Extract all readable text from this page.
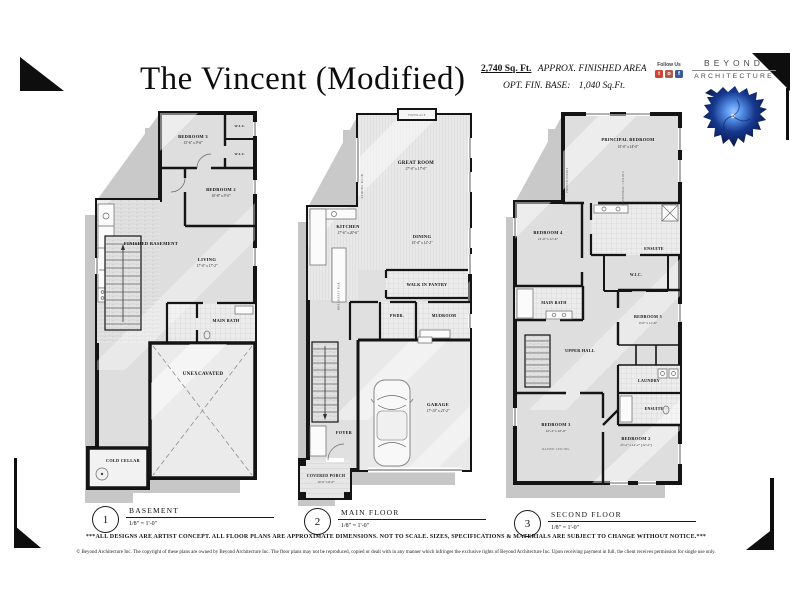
The Vincent (Modified) 2,740 Sq. Ft. APPROX. FINISHED AREA
OPT. FIN. BASE: 1,040 Sq.Ft.
Follow Us
t	o	f
BEYOND
ARCHITECTURE
BEDROOM 3
15'-6" x 9'-6"
W.I.C.
W.I.C.
BEDROOM 2
10'-8" x 9'-0"
FINISHED BASEMENT
LIVING
17'-0" x 17'-2"
MAIN BATH
UNEXCAVATED
COLD CELLAR
FIREPLACE
GREAT ROOM
17'-0" x 17'-0"
SLIDING DOOR
KITCHEN
17'-6" x 20'-6"
DINING
15'-4" x 12'-2"
BREAKFAST BAR	WALK IN PANTRY
PWDR.	MUDROOM
GARAGE
17'-10" x 21'-2"
FOYER
COVERED PORCH
10'-0" x 6'-0"
PRINCIPAL BEDROOM
15'-0" x 14'-0"
FRENCH DOORS	CATHEDRAL CEILING
ENSUITE
W.I.C.
BEDROOM 4
11'-0" x 11'-6"
MAIN BATH
UPPER HALL
BEDROOM 5
9'-0" x 11'-6"
LAUNDRY
ENSUITE
BEDROOM 3
10'-4" x 10'-0"
RAISED CEILING
BEDROOM 2
15'-2" x 14'-2" [12'-2"]
1
BASEMENT
1/8" = 1'-0"	2
MAIN FLOOR
1/8" = 1'-0"	3
SECOND FLOOR
1/8" = 1'-0"
***ALL DESIGNS ARE ARTIST CONCEPT. ALL FLOOR PLANS ARE APPROXIMATE DIMENSIONS. NOT TO SCALE. SIZES, SPECIFICATIONS & MATERIALS ARE SUBJECT TO CHANGE WITHOUT NOTICE.***
© Beyond Architecture Inc. The copyright of these plans are owned by Beyond Architecture Inc. The floor plans may not be reproduced, copied or dealt with in any manner which infringes the exclusive rights of Beyond Architecture Inc. Upon receiving payment in full, the client receives permission for single use only.
